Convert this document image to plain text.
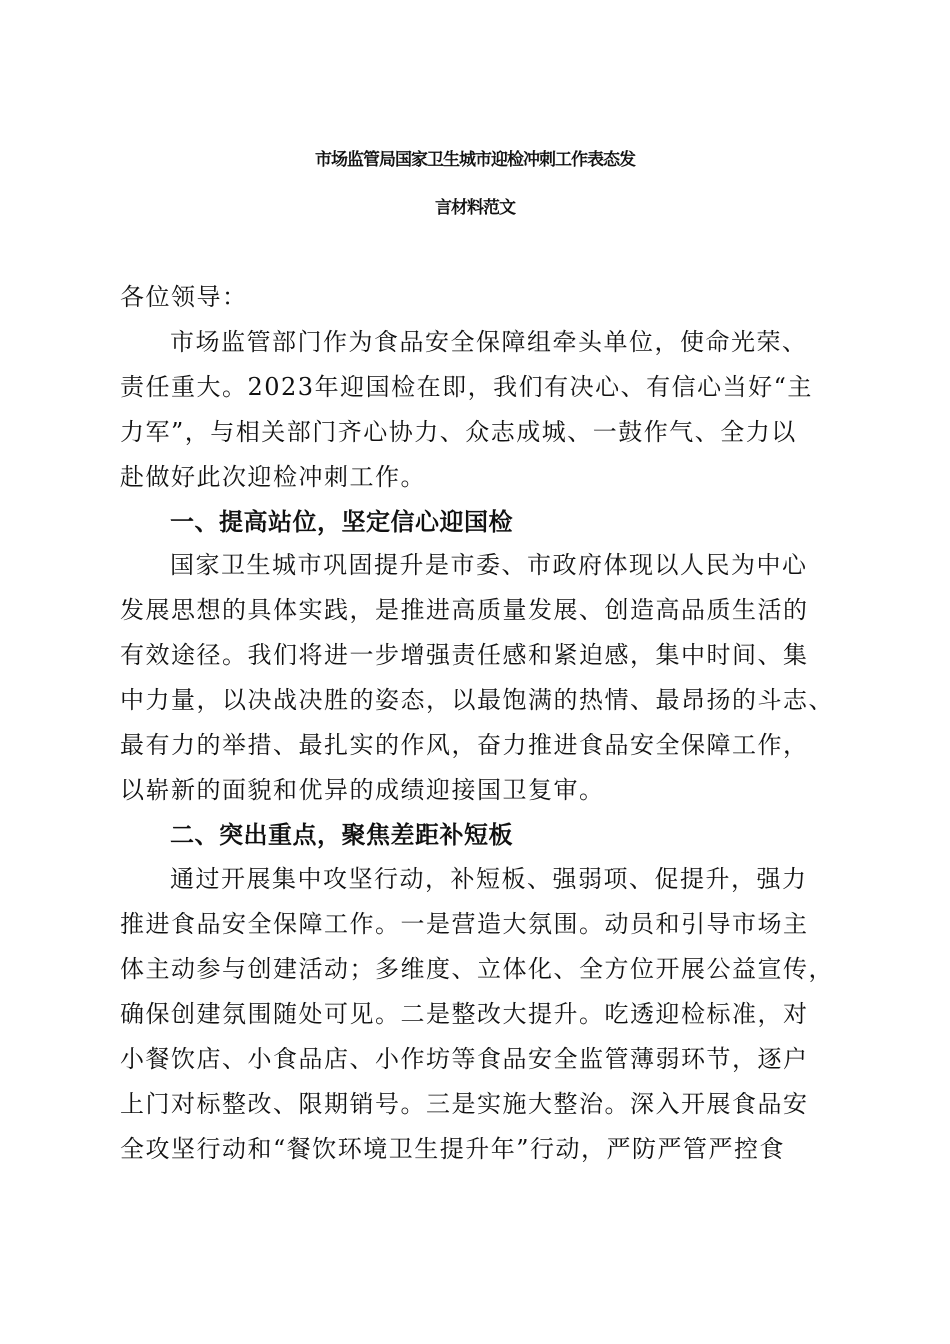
市场监管局国家卫生城市迎检冲刺工作表态发
言材料范文
各位领导：
市场监管部门作为食品安全保障组牵头单位，使命光荣、
责任重大。2023年迎国检在即，我们有决心、有信心当好“主
力军”，与相关部门齐心协力、众志成城、一鼓作气、全力以
赴做好此次迎检冲刺工作。
一、提高站位，坚定信心迎国检
国家卫生城市巩固提升是市委、市政府体现以人民为中心
发展思想的具体实践，是推进高质量发展、创造高品质生活的
有效途径。我们将进一步增强责任感和紧迫感，集中时间、集
中力量，以决战决胜的姿态，以最饱满的热情、最昂扬的斗志、
最有力的举措、最扎实的作风，奋力推进食品安全保障工作，
以崭新的面貌和优异的成绩迎接国卫复审。
二、突出重点，聚焦差距补短板
通过开展集中攻坚行动，补短板、强弱项、促提升，强力
推进食品安全保障工作。一是营造大氛围。动员和引导市场主
体主动参与创建活动；多维度、立体化、全方位开展公益宣传，
确保创建氛围随处可见。二是整改大提升。吃透迎检标准，对
小餐饮店、小食品店、小作坊等食品安全监管薄弱环节，逐户
上门对标整改、限期销号。三是实施大整治。深入开展食品安
全攻坚行动和“餐饮环境卫生提升年”行动，严防严管严控食
